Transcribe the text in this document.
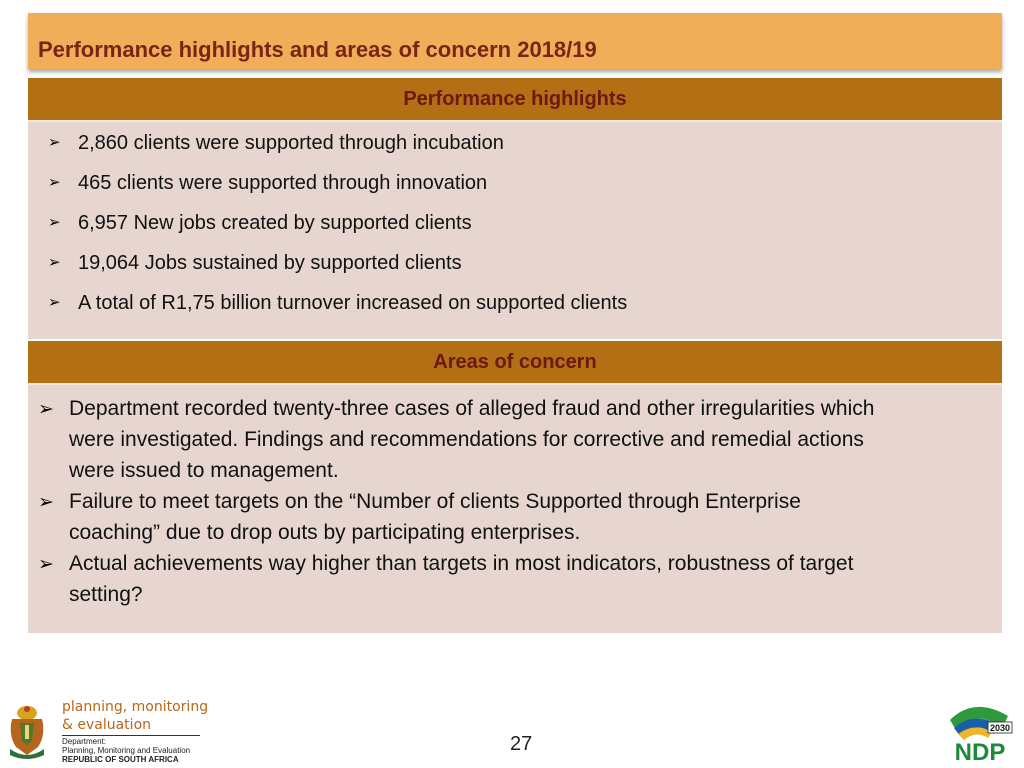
Performance highlights and areas of concern 2018/19
Performance highlights
➢ 2,860 clients were supported through incubation
➢ 465 clients were supported through innovation
➢ 6,957 New jobs created by supported clients
➢ 19,064 Jobs sustained by supported clients
➢ A total of R1,75 billion turnover increased on supported clients
Areas of concern
➢ Department recorded twenty-three cases of alleged fraud and other irregularities which
were investigated. Findings and recommendations for corrective and remedial actions
were issued to management.
➢ Failure to meet targets on the “Number of clients Supported through Enterprise
coaching” due to drop outs by participating enterprises.
➢ Actual achievements way higher than targets in most indicators, robustness of target
setting?
planning, monitoring
& evaluation
Department:
Planning, Monitoring and Evaluation
REPUBLIC OF SOUTH AFRICA
27
2030
NDP
